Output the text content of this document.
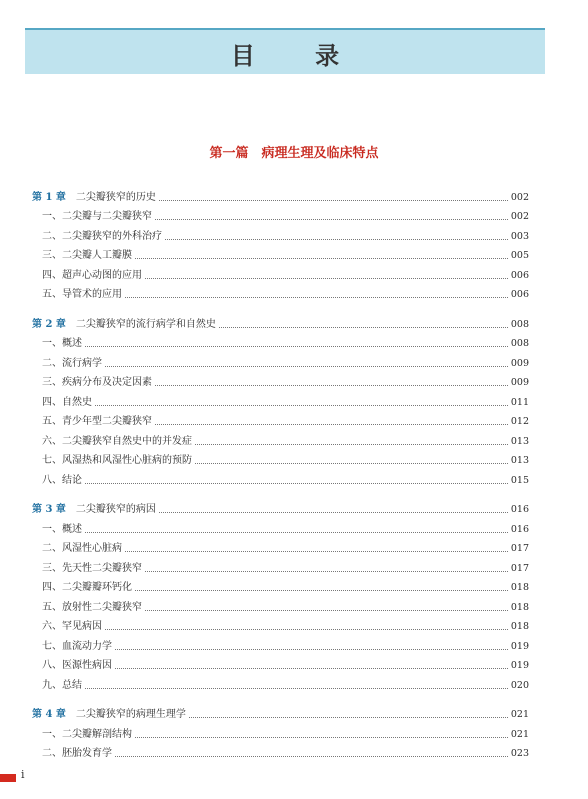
目 录
第一篇　病理生理及临床特点
第 1 章 二尖瓣狭窄的历史	002
一、二尖瓣与二尖瓣狭窄	002
二、二尖瓣狭窄的外科治疗	003
三、二尖瓣人工瓣膜	005
四、超声心动图的应用	006
五、导管术的应用	006
第 2 章 二尖瓣狭窄的流行病学和自然史	008
一、概述	008
二、流行病学	009
三、疾病分布及决定因素	009
四、自然史	011
五、青少年型二尖瓣狭窄	012
六、二尖瓣狭窄自然史中的并发症	013
七、风湿热和风湿性心脏病的预防	013
八、结论	015
第 3 章 二尖瓣狭窄的病因	016
一、概述	016
二、风湿性心脏病	017
三、先天性二尖瓣狭窄	017
四、二尖瓣瓣环钙化	018
五、放射性二尖瓣狭窄	018
六、罕见病因	018
七、血流动力学	019
八、医源性病因	019
九、总结	020
第 4 章 二尖瓣狭窄的病理生理学	021
一、二尖瓣解剖结构	021
二、胚胎发育学	023
i
